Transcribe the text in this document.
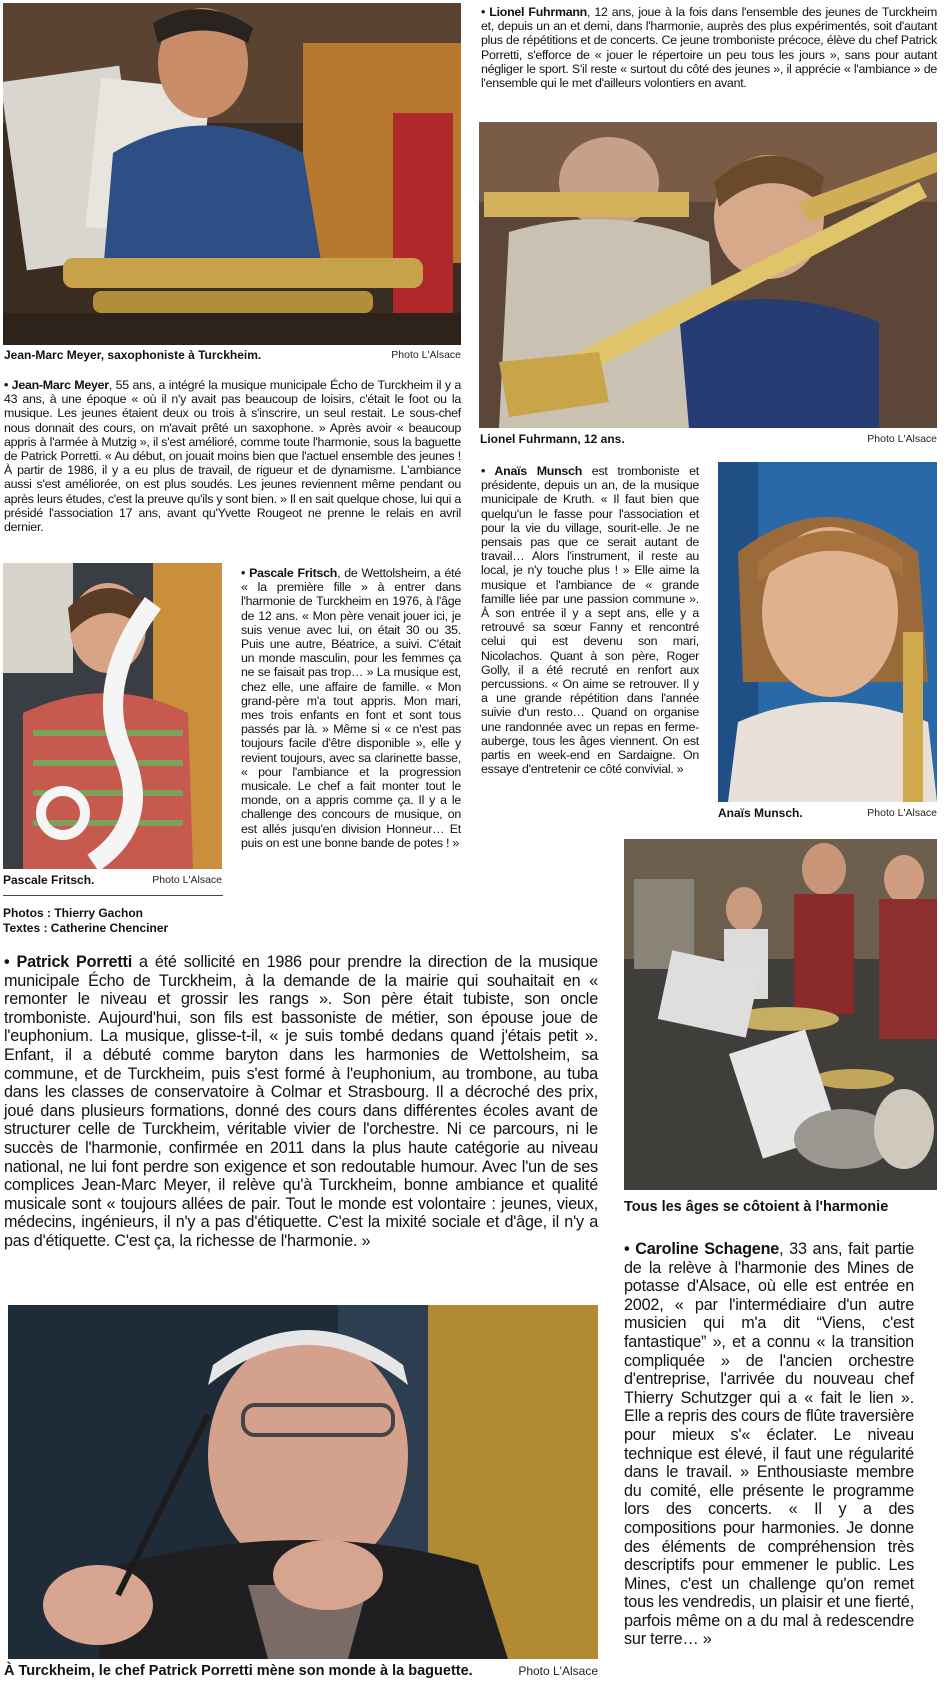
Jean-Marc Meyer, saxophoniste à Turckheim.	Photo L'Alsace
• Lionel Fuhrmann, 12 ans, joue à la fois dans l'ensemble des jeunes de Turckheim et, depuis un an et demi, dans l'harmonie, auprès des plus expérimentés, soit d'autant plus de répétitions et de concerts. Ce jeune tromboniste précoce, élève du chef Patrick Porretti, s'efforce de « jouer le répertoire un peu tous les jours », sans pour autant négliger le sport. S'il reste « surtout du côté des jeunes », il apprécie « l'ambiance » de l'ensemble qui le met d'ailleurs volontiers en avant.
Lionel Fuhrmann, 12 ans.	Photo L'Alsace
• Jean-Marc Meyer, 55 ans, a intégré la musique municipale Écho de Turckheim il y a 43 ans, à une époque « où il n'y avait pas beaucoup de loisirs, c'était le foot ou la musique. Les jeunes étaient deux ou trois à s'inscrire, un seul restait. Le sous-chef nous donnait des cours, on m'avait prêté un saxophone. » Après avoir « beaucoup appris à l'armée à Mutzig », il s'est amélioré, comme toute l'harmonie, sous la baguette de Patrick Porretti. « Au début, on jouait moins bien que l'actuel ensemble des jeunes ! À partir de 1986, il y a eu plus de travail, de rigueur et de dynamisme. L'ambiance aussi s'est améliorée, on est plus soudés. Les jeunes reviennent même pendant ou après leurs études, c'est la preuve qu'ils y sont bien. » Il en sait quelque chose, lui qui a présidé l'association 17 ans, avant qu'Yvette Rougeot ne prenne le relais en avril dernier.
• Anaïs Munsch est tromboniste et présidente, depuis un an, de la musique municipale de Kruth. « Il faut bien que quelqu'un le fasse pour l'association et pour la vie du village, sourit-elle. Je ne pensais pas que ce serait autant de travail… Alors l'instrument, il reste au local, je n'y touche plus ! » Elle aime la musique et l'ambiance de « grande famille liée par une passion commune ». À son entrée il y a sept ans, elle y a retrouvé sa sœur Fanny et rencontré celui qui est devenu son mari, Nicolachos. Quant à son père, Roger Golly, il a été recruté en renfort aux percussions. « On aime se retrouver. Il y a une grande répétition dans l'année suivie d'un resto… Quand on organise une randonnée avec un repas en ferme-auberge, tous les âges viennent. On est partis en week-end en Sardaigne. On essaye d'entretenir ce côté convivial. »
Anaïs Munsch.	Photo L'Alsace
Pascale Fritsch.	Photo L'Alsace
Photos : Thierry Gachon
Textes : Catherine Chenciner
• Pascale Fritsch, de Wettolsheim, a été « la première fille » à entrer dans l'harmonie de Turckheim en 1976, à l'âge de 12 ans. « Mon père venait jouer ici, je suis venue avec lui, on était 30 ou 35. Puis une autre, Béatrice, a suivi. C'était un monde masculin, pour les femmes ça ne se faisait pas trop… » La musique est, chez elle, une affaire de famille. « Mon grand-père m'a tout appris. Mon mari, mes trois enfants en font et sont tous passés par là. » Même si « ce n'est pas toujours facile d'être disponible », elle y revient toujours, avec sa clarinette basse, « pour l'ambiance et la progression musicale. Le chef a fait monter tout le monde, on a appris comme ça. Il y a le challenge des concours de musique, on est allés jusqu'en division Honneur… Et puis on est une bonne bande de potes ! »
Tous les âges se côtoient à l'harmonie
• Patrick Porretti a été sollicité en 1986 pour prendre la direction de la musique municipale Écho de Turckheim, à la demande de la mairie qui souhaitait en « remonter le niveau et grossir les rangs ». Son père était tubiste, son oncle tromboniste. Aujourd'hui, son fils est bassoniste de métier, son épouse joue de l'euphonium. La musique, glisse-t-il, « je suis tombé dedans quand j'étais petit ». Enfant, il a débuté comme baryton dans les harmonies de Wettolsheim, sa commune, et de Turckheim, puis s'est formé à l'euphonium, au trombone, au tuba dans les classes de conservatoire à Colmar et Strasbourg. Il a décroché des prix, joué dans plusieurs formations, donné des cours dans différentes écoles avant de structurer celle de Turckheim, véritable vivier de l'orchestre. Ni ce parcours, ni le succès de l'harmonie, confirmée en 2011 dans la plus haute catégorie au niveau national, ne lui font perdre son exigence et son redoutable humour. Avec l'un de ses complices Jean-Marc Meyer, il relève qu'à Turckheim, bonne ambiance et qualité musicale sont « toujours allées de pair. Tout le monde est volontaire : jeunes, vieux, médecins, ingénieurs, il n'y a pas d'étiquette. C'est la mixité sociale et d'âge, il n'y a pas d'étiquette. C'est ça, la richesse de l'harmonie. »
À Turckheim, le chef Patrick Porretti mène son monde à la baguette.	Photo L'Alsace
• Caroline Schagene, 33 ans, fait partie de la relève à l'harmonie des Mines de potasse d'Alsace, où elle est entrée en 2002, « par l'intermédiaire d'un autre musicien qui m'a dit “Viens, c'est fantastique” », et a connu « la transition compliquée » de l'ancien orchestre d'entreprise, l'arrivée du nouveau chef Thierry Schutzger qui a « fait le lien ». Elle a repris des cours de flûte traversière pour mieux s'« éclater. Le niveau technique est élevé, il faut une régularité dans le travail. » Enthousiaste membre du comité, elle présente le programme lors des concerts. « Il y a des compositions pour harmonies. Je donne des éléments de compréhension très descriptifs pour emmener le public. Les Mines, c'est un challenge qu'on remet tous les vendredis, un plaisir et une fierté, parfois même on a du mal à redescendre sur terre… »
